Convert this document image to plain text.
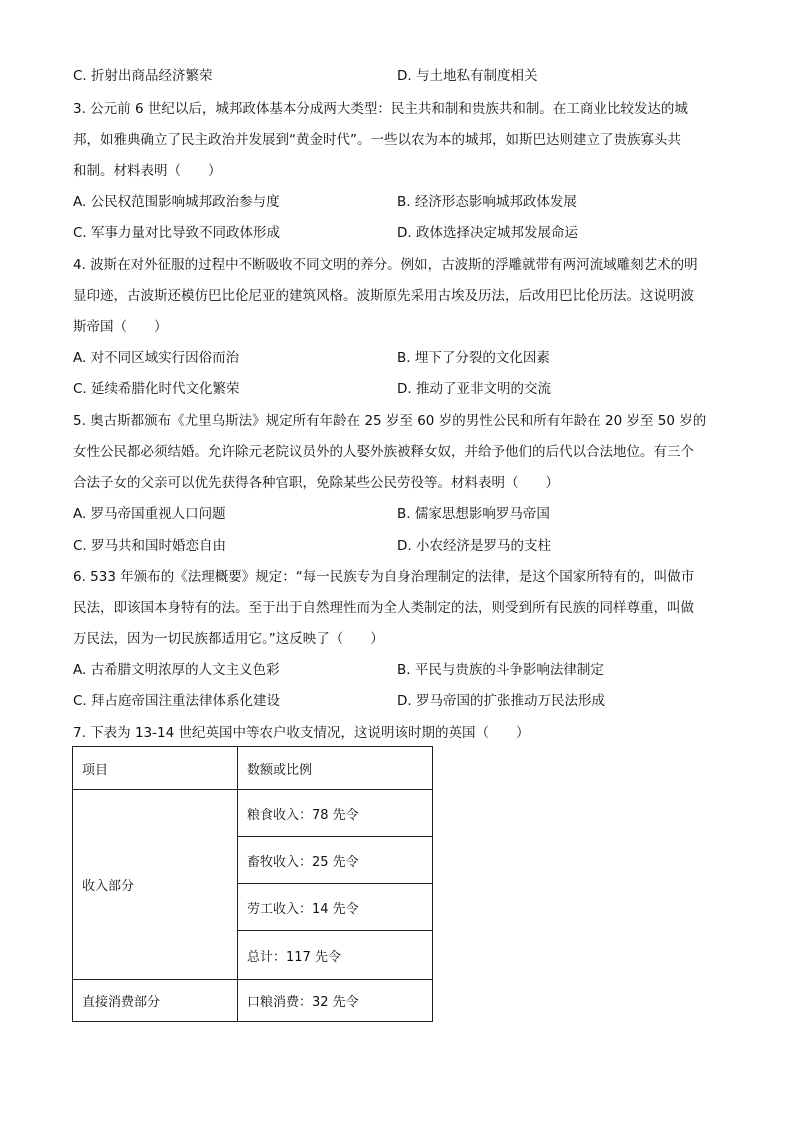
C. 折射出商品经济繁荣	D. 与土地私有制度相关
3. 公元前 6 世纪以后，城邦政体基本分成两大类型：民主共和制和贵族共和制。在工商业比较发达的城
邦，如雅典确立了民主政治并发展到“黄金时代”。一些以农为本的城邦，如斯巴达则建立了贵族寡头共
和制。材料表明（　　）
A. 公民权范围影响城邦政治参与度	B. 经济形态影响城邦政体发展
C. 军事力量对比导致不同政体形成	D. 政体选择决定城邦发展命运
4. 波斯在对外征服的过程中不断吸收不同文明的养分。例如，古波斯的浮雕就带有两河流域雕刻艺术的明
显印迹，古波斯还模仿巴比伦尼亚的建筑风格。波斯原先采用古埃及历法，后改用巴比伦历法。这说明波
斯帝国（　　）
A. 对不同区域实行因俗而治	B. 埋下了分裂的文化因素
C. 延续希腊化时代文化繁荣	D. 推动了亚非文明的交流
5. 奥古斯都颁布《尤里乌斯法》规定所有年龄在 25 岁至 60 岁的男性公民和所有年龄在 20 岁至 50 岁的
女性公民都必须结婚。允许除元老院议员外的人娶外族被释女奴，并给予他们的后代以合法地位。有三个
合法子女的父亲可以优先获得各种官职，免除某些公民劳役等。材料表明（　　）
A. 罗马帝国重视人口问题	B. 儒家思想影响罗马帝国
C. 罗马共和国时婚恋自由	D. 小农经济是罗马的支柱
6. 533 年颁布的《法理概要》规定：“每一民族专为自身治理制定的法律，是这个国家所特有的，叫做市
民法，即该国本身特有的法。至于出于自然理性而为全人类制定的法，则受到所有民族的同样尊重，叫做
万民法，因为一切民族都适用它。”这反映了（　　）
A. 古希腊文明浓厚的人文主义色彩	B. 平民与贵族的斗争影响法律制定
C. 拜占庭帝国注重法律体系化建设	D. 罗马帝国的扩张推动万民法形成
7. 下表为 13-14 世纪英国中等农户收支情况，这说明该时期的英国（　　）
项目	数额或比例
收入部分	粮食收入：78 先令
	畜牧收入：25 先令
	劳工收入：14 先令
	总计：117 先令
直接消费部分	口粮消费：32 先令
